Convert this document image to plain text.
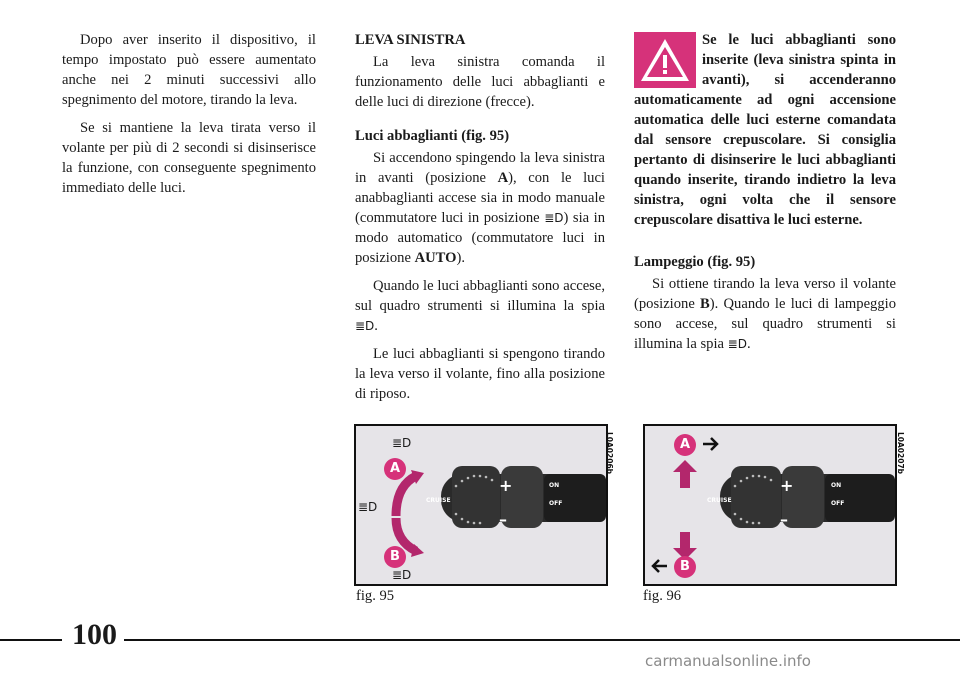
Dopo aver inserito il dispositivo, il tempo impostato può essere aumentato anche nei 2 minuti successivi allo spegnimento del motore, tirando la leva.

Se si mantiene la leva tirata verso il volante per più di 2 secondi si disinserisce la funzione, con conseguente spegnimento immediato delle luci.

LEVA SINISTRA

La leva sinistra comanda il funzionamento delle luci abbaglianti e delle luci di direzione (frecce).

Luci abbaglianti (fig. 95)

Si accendono spingendo la leva sinistra in avanti (posizione A), con le luci anabbaglianti accese sia in modo manuale (commutatore luci in posizione ≣D) sia in modo automatico (commutatore luci in posizione AUTO).

Quando le luci abbaglianti sono accese, sul quadro strumenti si illumina la spia ≣D.

Le luci abbaglianti si spengono tirando la leva verso il volante, fino alla posizione di riposo.

Se le luci abbaglianti sono inserite (leva sinistra spinta in avanti), si accenderanno automaticamente ad ogni accensione automatica delle luci esterne comandata dal sensore crepuscolare. Si consiglia pertanto di disinserire le luci abbaglianti quando inserite, tirando indietro la leva sinistra, ogni volta che il sensore crepuscolare disattiva le luci esterne.
Lampeggio (fig. 95)

Si ottiene tirando la leva verso il volante (posizione B). Quando le luci di lampeggio sono accese, sul quadro strumenti si illumina la spia ≣D.

A
B
≣D
≣D
≣D
CRUISE
+
–
ON
OFF
L0A0206b
fig. 95
A
B
CRUISE
+
–
ON
OFF
L0A0207b
fig. 96
100
carmanualsonline.info
